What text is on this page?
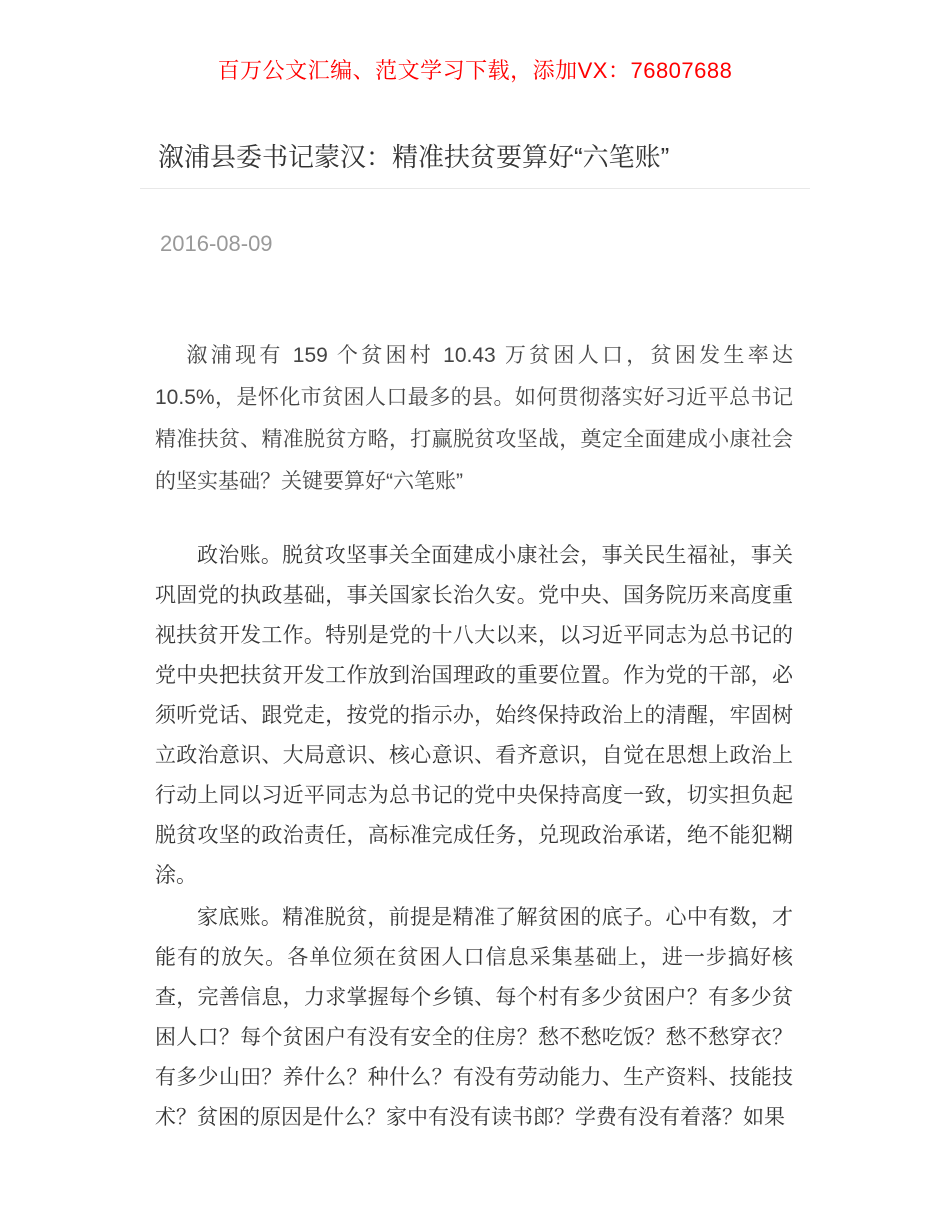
百万公文汇编、范文学习下载，添加VX：76807688
溆浦县委书记蒙汉：精准扶贫要算好“六笔账”
2016-08-09

溆浦现有 159 个贫困村 10.43 万贫困人口，贫困发生率达 10.5%，是怀化市贫困人口最多的县。如何贯彻落实好习近平总书记精准扶贫、精准脱贫方略，打赢脱贫攻坚战，奠定全面建成小康社会的坚实基础？关键要算好“六笔账”

政治账。脱贫攻坚事关全面建成小康社会，事关民生福祉，事关巩固党的执政基础，事关国家长治久安。党中央、国务院历来高度重视扶贫开发工作。特别是党的十八大以来，以习近平同志为总书记的党中央把扶贫开发工作放到治国理政的重要位置。作为党的干部，必须听党话、跟党走，按党的指示办，始终保持政治上的清醒，牢固树立政治意识、大局意识、核心意识、看齐意识，自觉在思想上政治上行动上同以习近平同志为总书记的党中央保持高度一致，切实担负起脱贫攻坚的政治责任，高标准完成任务，兑现政治承诺，绝不能犯糊涂。

家底账。精准脱贫，前提是精准了解贫困的底子。心中有数，才能有的放矢。各单位须在贫困人口信息采集基础上，进一步搞好核查，完善信息，力求掌握每个乡镇、每个村有多少贫困户？有多少贫困人口？每个贫困户有没有安全的住房？愁不愁吃饭？愁不愁穿衣？有多少山田？养什么？种什么？有没有劳动能力、生产资料、技能技术？贫困的原因是什么？家中有没有读书郎？学费有没有着落？如果
